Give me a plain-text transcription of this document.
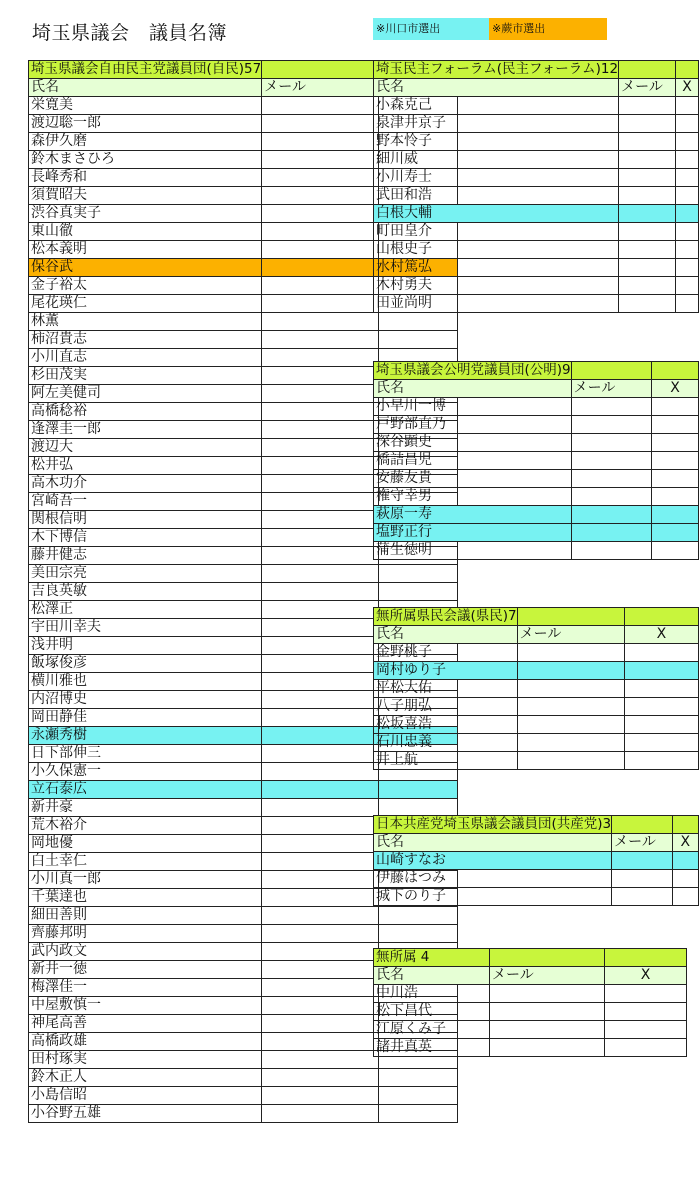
埼玉県議会　議員名簿	※川口市選出	※蕨市選出
埼玉県議会自由民主党議員団(自民)57		
氏名	メール	
栄寛美		
渡辺聡一郎		
森伊久磨		
鈴木まさひろ		
長峰秀和		
須賀昭夫		
渋谷真実子		
東山徹		
松本義明		
保谷武		
金子裕太		
尾花瑛仁		
林薫		
柿沼貴志		
小川直志		
杉田茂実		
阿左美健司		
高橋稔裕		
逢澤圭一郎		
渡辺大		
松井弘		
高木功介		
宮崎吾一		
関根信明		
木下博信		
藤井健志		
美田宗亮		
吉良英敏		
松澤正		
宇田川幸夫		
浅井明		
飯塚俊彦		
横川雅也		
内沼博史		
岡田静佳		
永瀬秀樹		
日下部伸三		
小久保憲一		
立石泰広		
新井豪		
荒木裕介		
岡地優		
白土幸仁		
小川真一郎		
千葉達也		
細田善則		
齊藤邦明		
武内政文		
新井一徳		
梅澤佳一		
中屋敷慎一		
神尾高善		
高橋政雄		
田村琢実		
鈴木正人		
小島信昭		
小谷野五雄		
埼玉民主フォーラム(民主フォーラム)12		
氏名	メール	X
小森克己		
泉津井京子		
野本怜子		
細川威		
小川寿士		
武田和浩		
白根大輔		
町田皇介		
山根史子		
水村篤弘		
木村勇夫		
田並尚明		
埼玉県議会公明党議員団(公明)9		
氏名	メール	X
小早川一博		
戸野部直乃		
深谷顕史		
橋詰昌児		
安藤友貴		
権守幸男		
萩原一寿		
塩野正行		
蒲生徳明		
無所属県民会議(県民)7		
氏名	メール	X
金野桃子		
岡村ゆり子		
平松大佑		
八子朋弘		
松坂喜浩		
石川忠義		
井上航		
日本共産党埼玉県議会議員団(共産党)3		
氏名	メール	X
山崎すなお		
伊藤はつみ		
城下のり子		
無所属 4		
氏名	メール	X
中川浩		
松下昌代		
江原くみ子		
諸井真英		
